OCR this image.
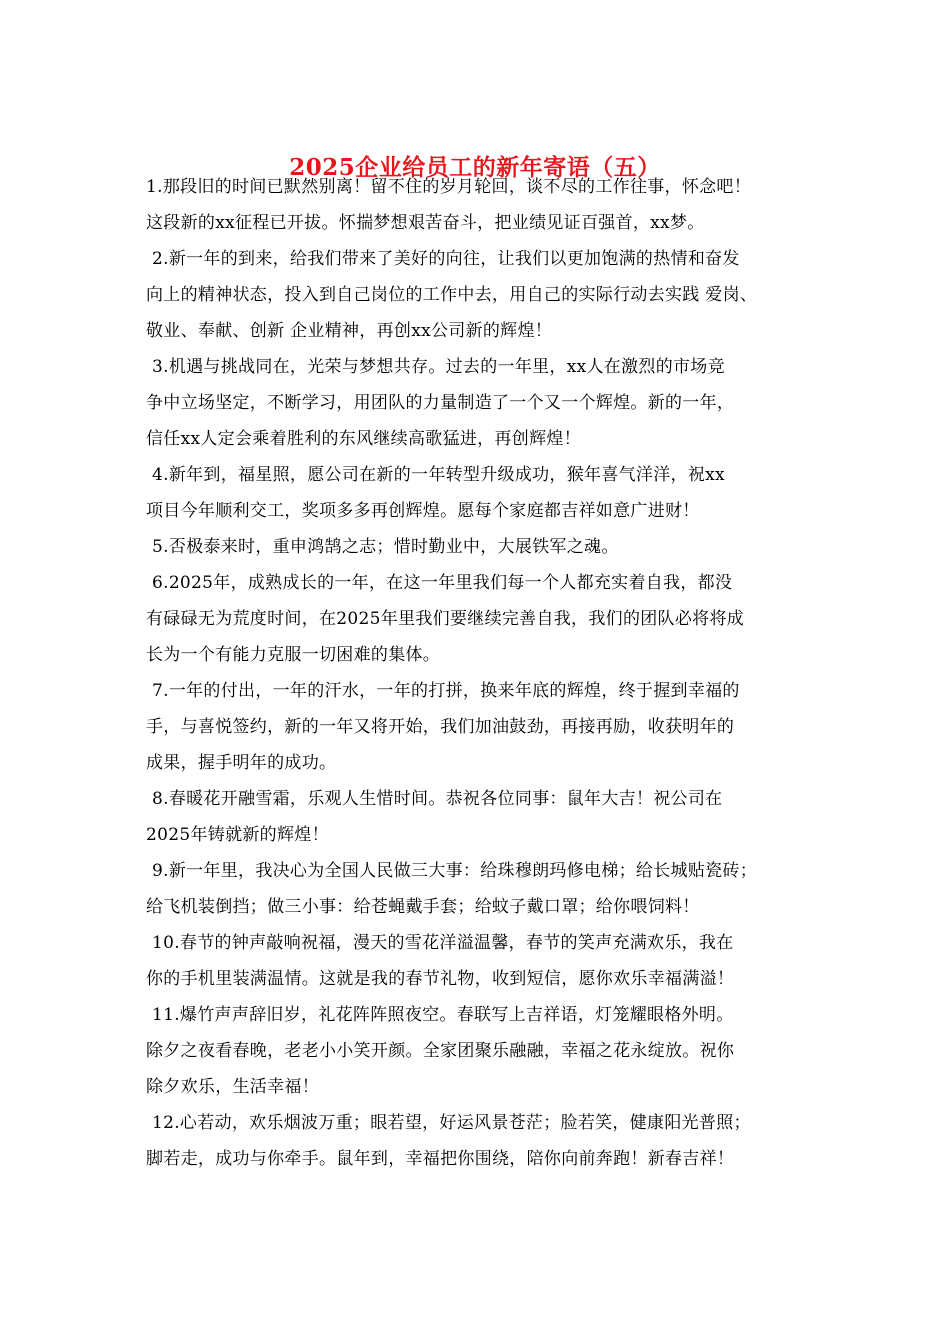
2025企业给员工的新年寄语（五）
1.那段旧的时间已默然别离！留不住的岁月轮回，谈不尽的工作往事，怀念吧！
这段新的xx征程已开拔。怀揣梦想艰苦奋斗，把业绩见证百强首，xx梦。
2.新一年的到来，给我们带来了美好的向往，让我们以更加饱满的热情和奋发
向上的精神状态，投入到自己岗位的工作中去，用自己的实际行动去实践 爱岗、
敬业、奉献、创新 企业精神，再创xx公司新的辉煌！
3.机遇与挑战同在，光荣与梦想共存。过去的一年里，xx人在激烈的市场竞
争中立场坚定，不断学习，用团队的力量制造了一个又一个辉煌。新的一年，
信任xx人定会乘着胜利的东风继续高歌猛进，再创辉煌！
4.新年到，福星照，愿公司在新的一年转型升级成功，猴年喜气洋洋，祝xx
项目今年顺利交工，奖项多多再创辉煌。愿每个家庭都吉祥如意广进财！
5.否极泰来时，重申鸿鹄之志；惜时勤业中，大展铁军之魂。
6.2025年，成熟成长的一年，在这一年里我们每一个人都充实着自我，都没
有碌碌无为荒度时间，在2025年里我们要继续完善自我，我们的团队必将将成
长为一个有能力克服一切困难的集体。
7.一年的付出，一年的汗水，一年的打拼，换来年底的辉煌，终于握到幸福的
手，与喜悦签约，新的一年又将开始，我们加油鼓劲，再接再励，收获明年的
成果，握手明年的成功。
8.春暖花开融雪霜，乐观人生惜时间。恭祝各位同事：鼠年大吉！祝公司在
2025年铸就新的辉煌！
9.新一年里，我决心为全国人民做三大事：给珠穆朗玛修电梯；给长城贴瓷砖；
给飞机装倒挡；做三小事：给苍蝇戴手套；给蚊子戴口罩；给你喂饲料！
10.春节的钟声敲响祝福，漫天的雪花洋溢温馨，春节的笑声充满欢乐，我在
你的手机里装满温情。这就是我的春节礼物，收到短信，愿你欢乐幸福满溢！
11.爆竹声声辞旧岁，礼花阵阵照夜空。春联写上吉祥语，灯笼耀眼格外明。
除夕之夜看春晚，老老小小笑开颜。全家团聚乐融融，幸福之花永绽放。祝你
除夕欢乐，生活幸福！
12.心若动，欢乐烟波万重；眼若望，好运风景苍茫；脸若笑，健康阳光普照；
脚若走，成功与你牵手。鼠年到，幸福把你围绕，陪你向前奔跑！新春吉祥！
